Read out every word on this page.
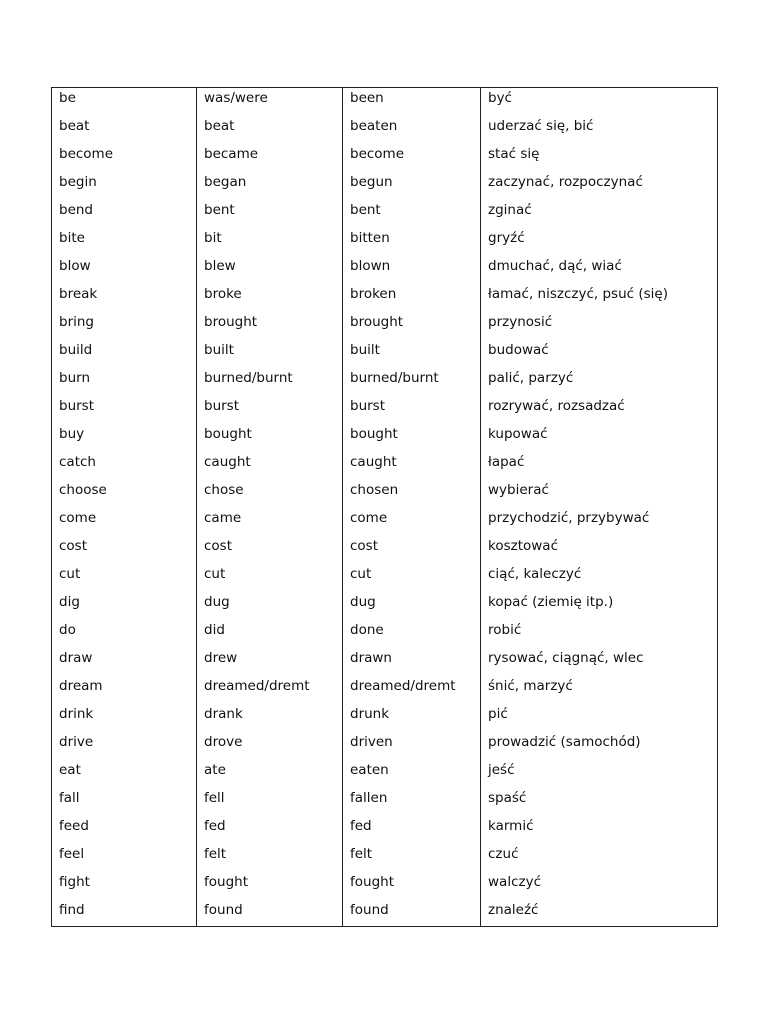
be	was/were	been	być
beat	beat	beaten	uderzać się, bić
become	became	become	stać się
begin	began	begun	zaczynać, rozpoczynać
bend	bent	bent	zginać
bite	bit	bitten	gryźć
blow	blew	blown	dmuchać, dąć, wiać
break	broke	broken	łamać, niszczyć, psuć (się)
bring	brought	brought	przynosić
build	built	built	budować
burn	burned/burnt	burned/burnt	palić, parzyć
burst	burst	burst	rozrywać, rozsadzać
buy	bought	bought	kupować
catch	caught	caught	łapać
choose	chose	chosen	wybierać
come	came	come	przychodzić, przybywać
cost	cost	cost	kosztować
cut	cut	cut	ciąć, kaleczyć
dig	dug	dug	kopać (ziemię itp.)
do	did	done	robić
draw	drew	drawn	rysować, ciągnąć, wlec
dream	dreamed/dremt	dreamed/dremt	śnić, marzyć
drink	drank	drunk	pić
drive	drove	driven	prowadzić (samochód)
eat	ate	eaten	jeść
fall	fell	fallen	spaść
feed	fed	fed	karmić
feel	felt	felt	czuć
fight	fought	fought	walczyć
find	found	found	znaleźć
